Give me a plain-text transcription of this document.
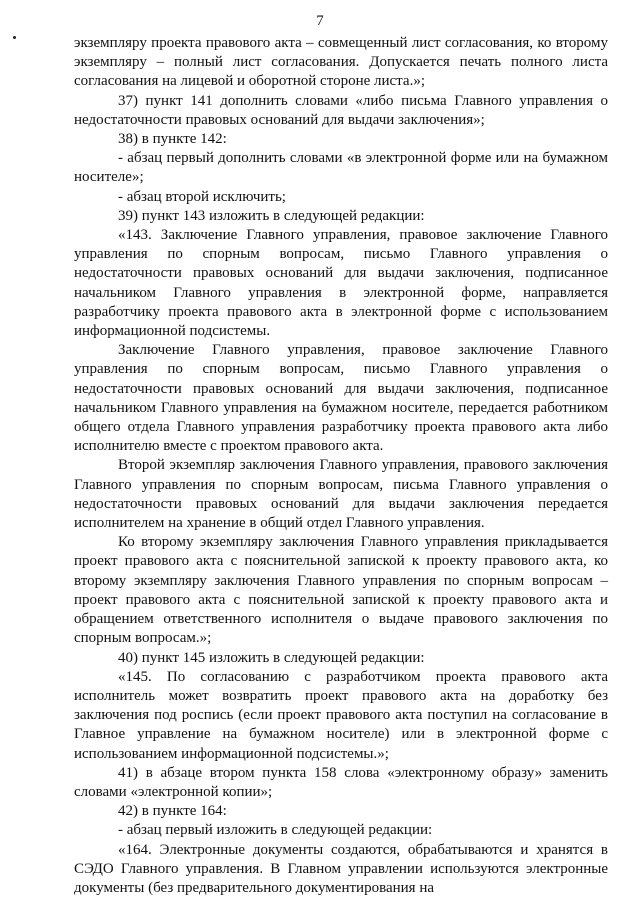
7

экземпляру проекта правового акта – совмещенный лист согласования, ко второму экземпляру – полный лист согласования. Допускается печать полного листа согласования на лицевой и оборотной стороне листа.»;

37) пункт 141 дополнить словами «либо письма Главного управления о недостаточности правовых оснований для выдачи заключения»;

38) в пункте 142:

- абзац первый дополнить словами «в электронной форме или на бумажном носителе»;

- абзац второй исключить;

39) пункт 143 изложить в следующей редакции:

«143. Заключение Главного управления, правовое заключение Главного управления по спорным вопросам, письмо Главного управления о недостаточности правовых оснований для выдачи заключения, подписанное начальником Главного управления в электронной форме, направляется разработчику проекта правового акта в электронной форме с использованием информационной подсистемы.

Заключение Главного управления, правовое заключение Главного управления по спорным вопросам, письмо Главного управления о недостаточности правовых оснований для выдачи заключения, подписанное начальником Главного управления на бумажном носителе, передается работником общего отдела Главного управления разработчику проекта правового акта либо исполнителю вместе с проектом правового акта.

Второй экземпляр заключения Главного управления, правового заключения Главного управления по спорным вопросам, письма Главного управления о недостаточности правовых оснований для выдачи заключения передается исполнителем на хранение в общий отдел Главного управления.

Ко второму экземпляру заключения Главного управления прикладывается проект правового акта с пояснительной запиской к проекту правового акта, ко второму экземпляру заключения Главного управления по спорным вопросам – проект правового акта с пояснительной запиской к проекту правового акта и обращением ответственного исполнителя о выдаче правового заключения по спорным вопросам.»;

40) пункт 145 изложить в следующей редакции:

«145. По согласованию с разработчиком проекта правового акта исполнитель может возвратить проект правового акта на доработку без заключения под роспись (если проект правового акта поступил на согласование в Главное управление на бумажном носителе) или в электронной форме с использованием информационной подсистемы.»;

41) в абзаце втором пункта 158 слова «электронному образу» заменить словами «электронной копии»;

42) в пункте 164:

- абзац первый изложить в следующей редакции:

«164. Электронные документы создаются, обрабатываются и хранятся в СЭДО Главного управления. В Главном управлении используются электронные документы (без предварительного документирования на
